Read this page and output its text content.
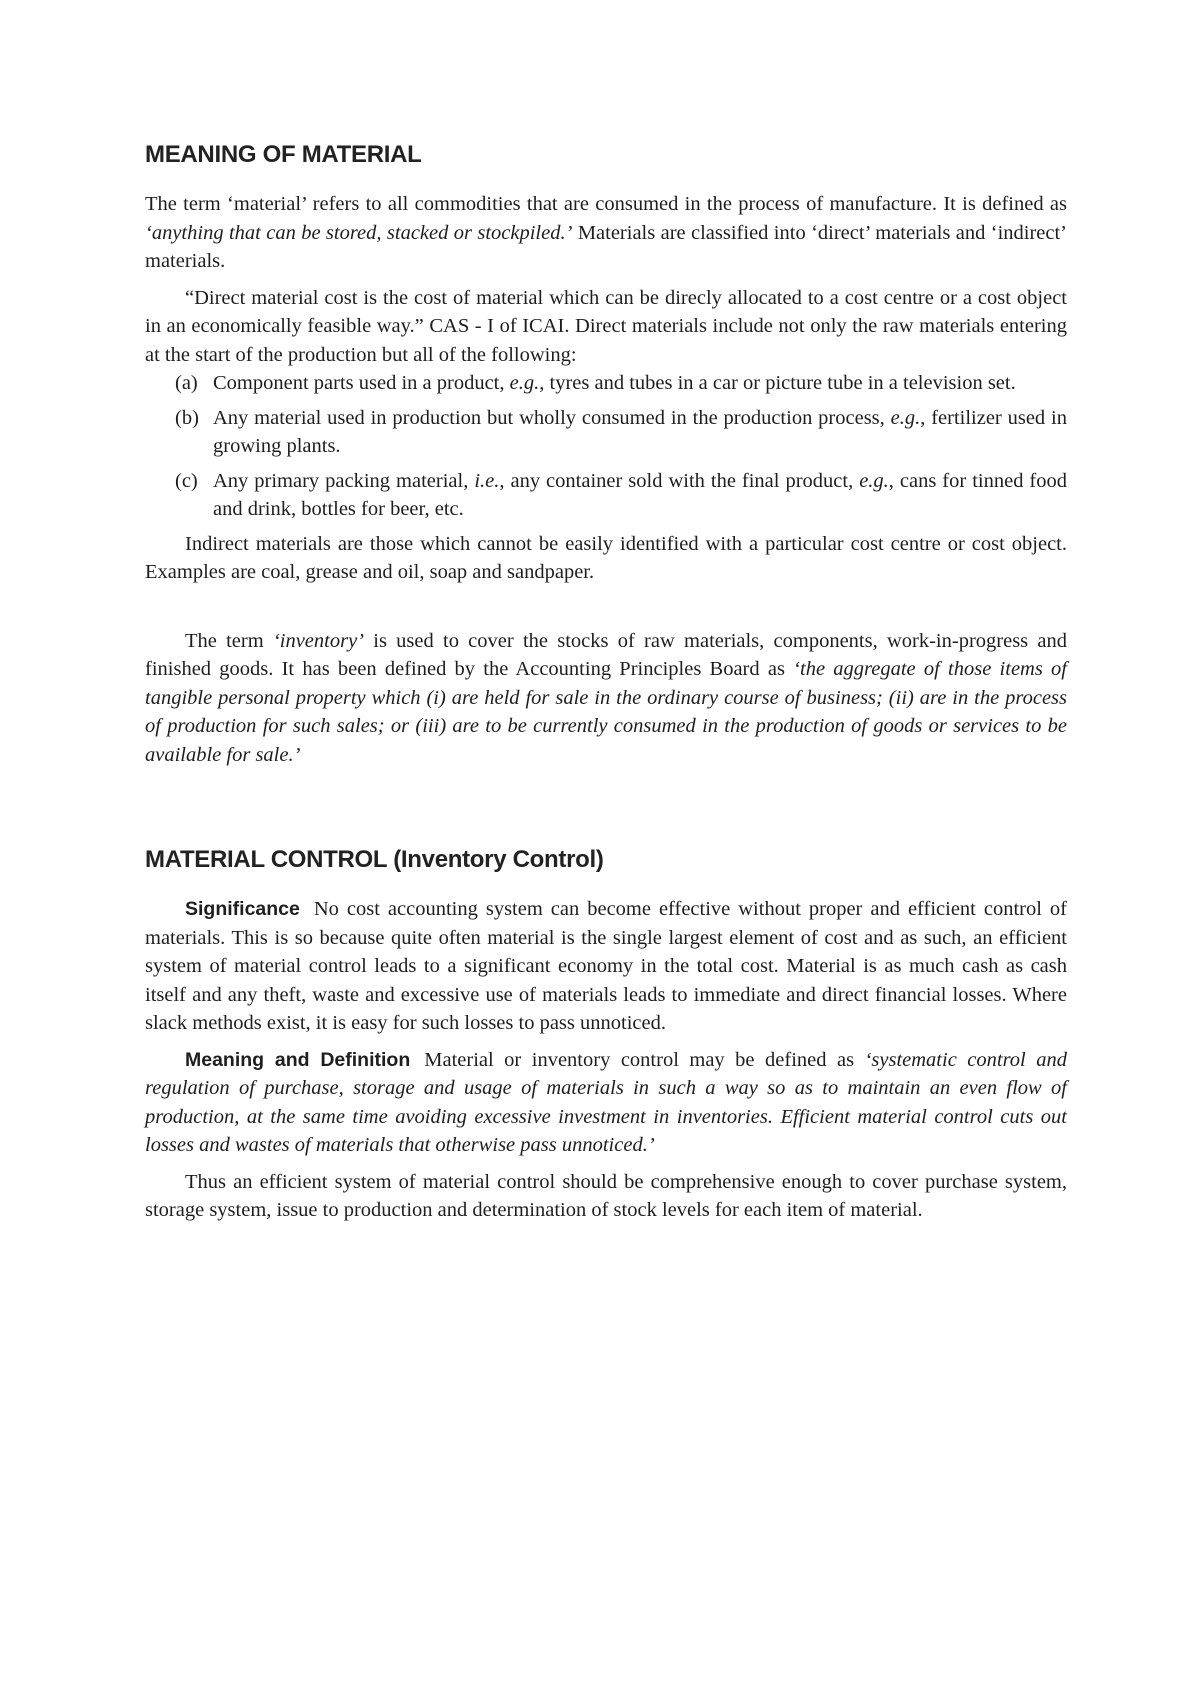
MEANING OF MATERIAL

The term ‘material’ refers to all commodities that are consumed in the process of manufacture. It is defined as ‘anything that can be stored, stacked or stockpiled.’ Materials are classified into ‘direct’ materials and ‘indirect’ materials.

“Direct material cost is the cost of material which can be direcly allocated to a cost centre or a cost object in an economically feasible way.” CAS - I of ICAI. Direct materials include not only the raw materials entering at the start of the production but all of the following:

(a) Component parts used in a product, e.g., tyres and tubes in a car or picture tube in a television set.
(b) Any material used in production but wholly consumed in the production process, e.g., fertilizer used in growing plants.
(c) Any primary packing material, i.e., any container sold with the final product, e.g., cans for tinned food and drink, bottles for beer, etc.

Indirect materials are those which cannot be easily identified with a particular cost centre or cost object. Examples are coal, grease and oil, soap and sandpaper.

The term ‘inventory’ is used to cover the stocks of raw materials, components, work-in-progress and finished goods. It has been defined by the Accounting Principles Board as ‘the aggregate of those items of tangible personal property which (i) are held for sale in the ordinary course of business; (ii) are in the process of production for such sales; or (iii) are to be currently consumed in the production of goods or services to be available for sale.’

MATERIAL CONTROL (Inventory Control)

Significance No cost accounting system can become effective without proper and efficient control of materials. This is so because quite often material is the single largest element of cost and as such, an efficient system of material control leads to a significant economy in the total cost. Material is as much cash as cash itself and any theft, waste and excessive use of materials leads to immediate and direct financial losses. Where slack methods exist, it is easy for such losses to pass unnoticed.

Meaning and Definition Material or inventory control may be defined as ‘systematic control and regulation of purchase, storage and usage of materials in such a way so as to maintain an even flow of production, at the same time avoiding excessive investment in inventories. Efficient material control cuts out losses and wastes of materials that otherwise pass unnoticed.’

Thus an efficient system of material control should be comprehensive enough to cover purchase system, storage system, issue to production and determination of stock levels for each item of material.
